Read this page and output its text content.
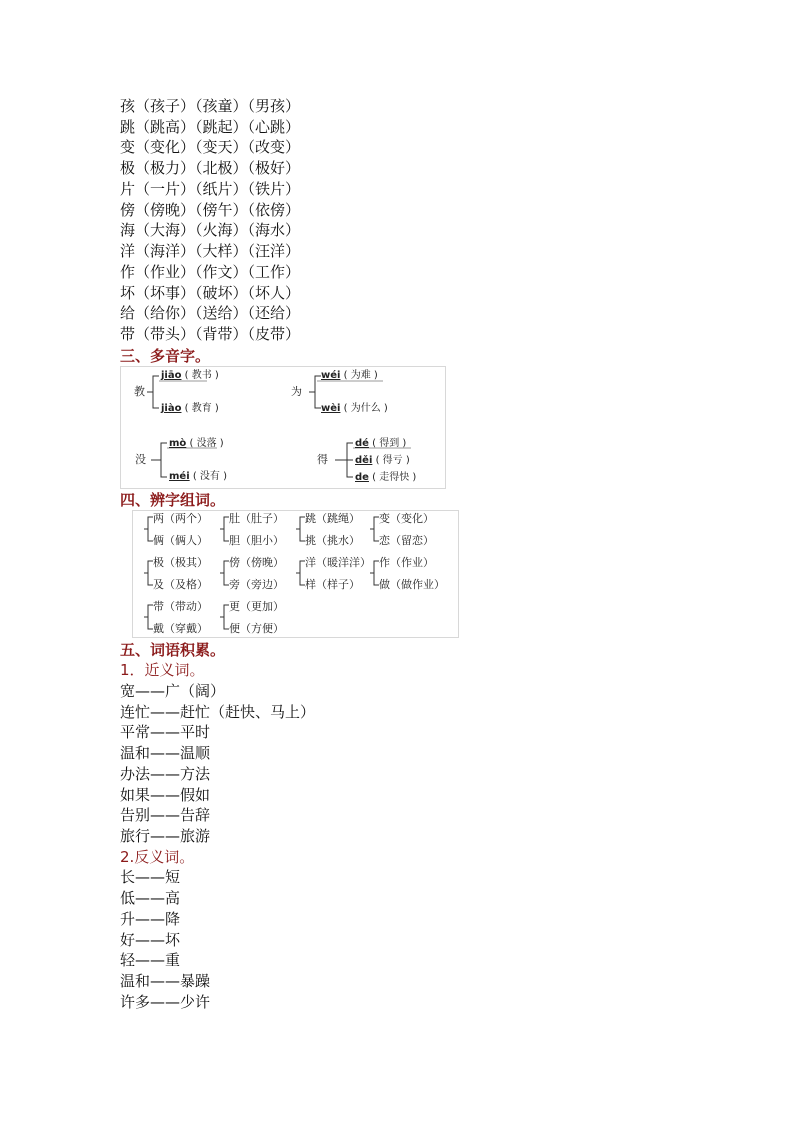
孩（孩子）（孩童）（男孩）
跳（跳高）（跳起）（心跳）
变（变化）（变天）（改变）
极（极力）（北极）（极好）
片（一片）（纸片）（铁片）
傍（傍晚）（傍午）（依傍）
海（大海）（火海）（海水）
洋（海洋）（大样）（汪洋）
作（作业）（作文）（工作）
坏（坏事）（破坏）（坏人）
给（给你）（送给）（还给）
带（带头）（背带）（皮带）
三、多音字。
教
jiāo ( 教书 )
jiào ( 教育 )
为
wéi ( 为难 )
wèi ( 为什么 )
没
mò ( 没落 )
méi ( 没有 )
得
dé ( 得到 )
děi ( 得亏 )
de ( 走得快 )
四、辨字组词。
两（两个）
俩（俩人）
肚（肚子）
胆（胆小）
跳（跳绳）
挑（挑水）
变（变化）
恋（留恋）
极（极其）
及（及格）
傍（傍晚）
旁（旁边）
洋（暖洋洋）
样（样子）
作（作业）
做（做作业）
带（带动）
戴（穿戴）
更（更加）
便（方便）
五、词语积累。
1．近义词。
宽——广（阔）
连忙——赶忙（赶快、马上）
平常——平时
温和——温顺
办法——方法
如果——假如
告别——告辞
旅行——旅游
2.反义词。
长——短
低——高
升——降
好——坏
轻——重
温和——暴躁
许多——少许
